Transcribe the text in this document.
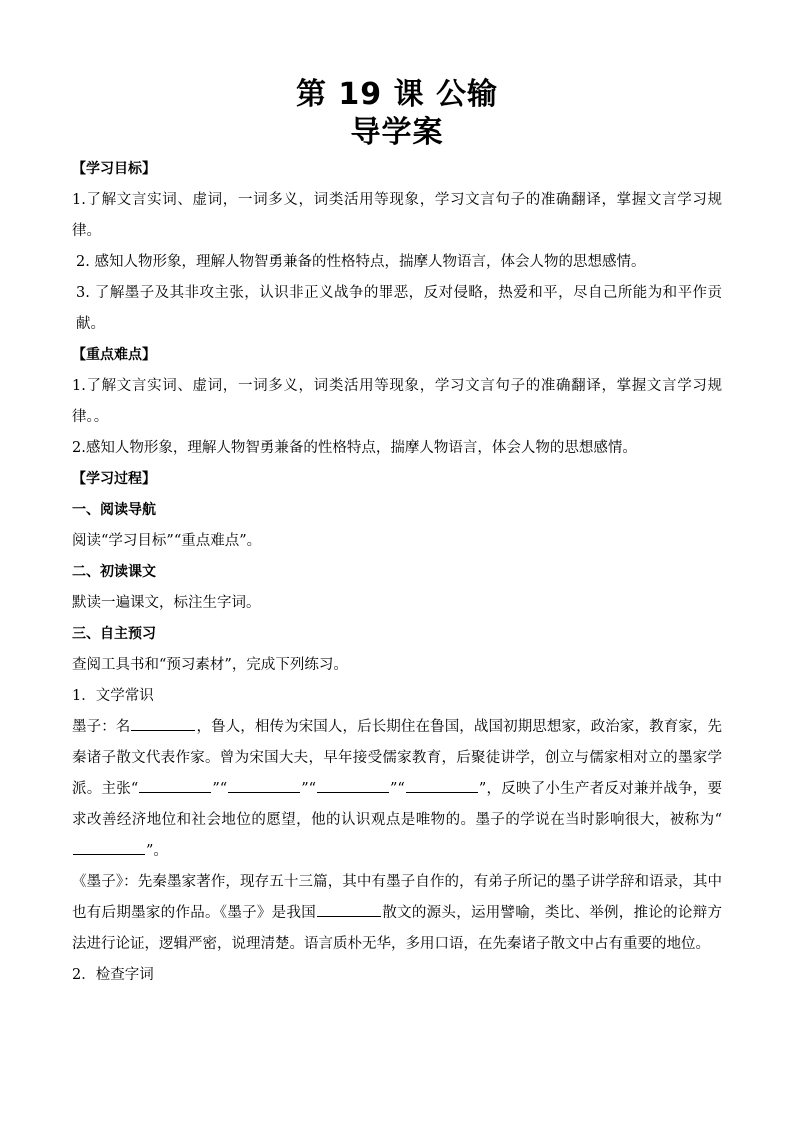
第 19 课 公输
导学案

【学习目标】

1.了解文言实词、虚词，一词多义，词类活用等现象，学习文言句子的准确翻译，掌握文言学习规律。

2. 感知人物形象，理解人物智勇兼备的性格特点，揣摩人物语言，体会人物的思想感情。

3. 了解墨子及其非攻主张，认识非正义战争的罪恶，反对侵略，热爱和平，尽自己所能为和平作贡献。

【重点难点】

1.了解文言实词、虚词，一词多义，词类活用等现象，学习文言句子的准确翻译，掌握文言学习规律。。

2.感知人物形象，理解人物智勇兼备的性格特点，揣摩人物语言，体会人物的思想感情。

【学习过程】

一、阅读导航

阅读“学习目标”“重点难点”。

二、初读课文

默读一遍课文，标注生字词。

三、自主预习

查阅工具书和“预习素材”，完成下列练习。

1．文学常识

墨子：名	，鲁人，相传为宋国人，后长期住在鲁国，战国初期思想家，政治家，教育家，先秦诸子散文代表作家。曾为宋国大夫，早年接受儒家教育，后聚徒讲学，创立与儒家相对立的墨家学派。主张“	”“	”“	”“	”，反映了小生产者反对兼并战争，要求改善经济地位和社会地位的愿望，他的认识观点是唯物的。墨子的学说在当时影响很大，被称为“”。

《墨子》：先秦墨家著作，现存五十三篇，其中有墨子自作的，有弟子所记的墨子讲学辞和语录，其中也有后期墨家的作品。《墨子》是我国	散文的源头，运用譬喻，类比、举例，推论的论辩方法进行论证，逻辑严密，说理清楚。语言质朴无华，多用口语，在先秦诸子散文中占有重要的地位。

2．检查字词
